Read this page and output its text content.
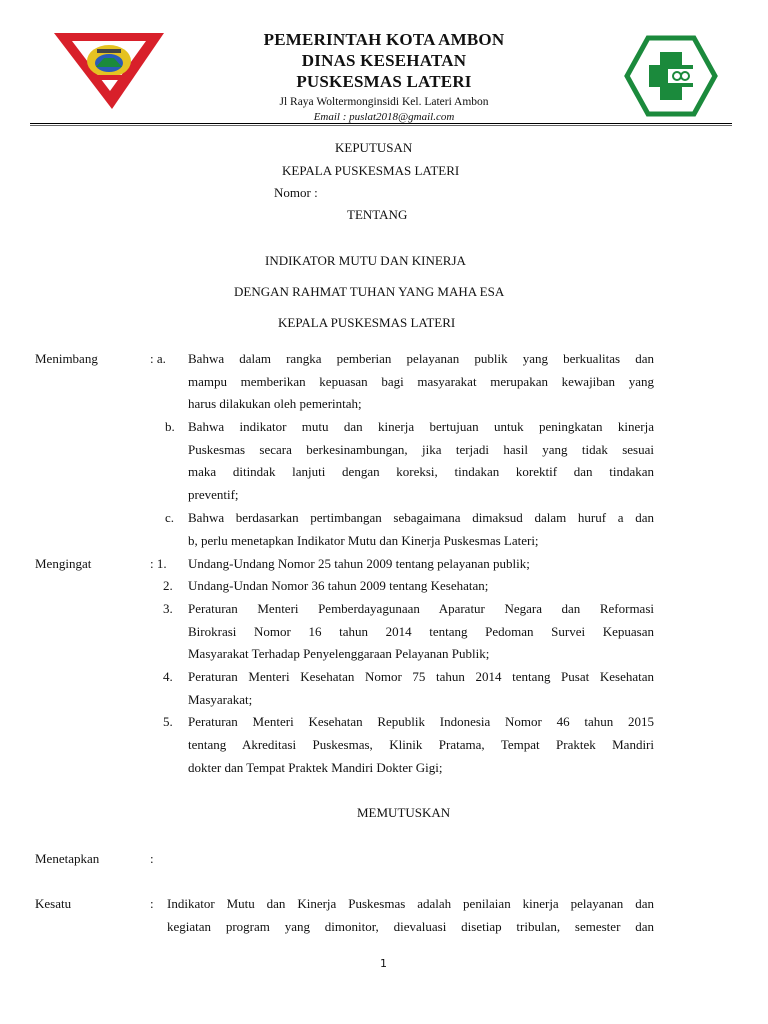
PEMERINTAH KOTA AMBON
DINAS KESEHATAN
PUSKESMAS LATERI
Jl Raya Woltermonginsidi Kel. Lateri Ambon
Email : puslat2018@gmail.com
KEPUTUSAN
KEPALA PUSKESMAS LATERI
Nomor :
TENTANG
INDIKATOR MUTU DAN KINERJA
DENGAN RAHMAT TUHAN YANG MAHA ESA
KEPALA PUSKESMAS LATERI
Menimbang	: a. Bahwa dalam rangka pemberian pelayanan publik yang berkualitas dan
mampu memberikan kepuasan bagi masyarakat merupakan kewajiban yang
harus dilakukan oleh pemerintah;
b. Bahwa indikator mutu dan kinerja bertujuan untuk peningkatan kinerja
Puskesmas secara berkesinambungan, jika terjadi hasil yang tidak sesuai
maka ditindak lanjuti dengan koreksi, tindakan korektif dan tindakan
preventif;
c. Bahwa berdasarkan pertimbangan sebagaimana dimaksud dalam huruf a dan
b, perlu menetapkan Indikator Mutu dan Kinerja Puskesmas Lateri;
Mengingat	: 1. Undang-Undang Nomor 25 tahun 2009 tentang pelayanan publik;
2. Undang-Undan Nomor 36 tahun 2009 tentang Kesehatan;
3. Peraturan Menteri Pemberdayagunaan Aparatur Negara dan Reformasi
Birokrasi Nomor 16 tahun 2014 tentang Pedoman Survei Kepuasan
Masyarakat Terhadap Penyelenggaraan Pelayanan Publik;
4. Peraturan Menteri Kesehatan Nomor 75 tahun 2014 tentang Pusat Kesehatan
Masyarakat;
5. Peraturan Menteri Kesehatan Republik Indonesia Nomor 46 tahun 2015
tentang Akreditasi Puskesmas, Klinik Pratama, Tempat Praktek Mandiri
dokter dan Tempat Praktek Mandiri Dokter Gigi;
MEMUTUSKAN
Menetapkan	:
Kesatu	: Indikator Mutu dan Kinerja Puskesmas adalah penilaian kinerja pelayanan dan
kegiatan program yang dimonitor, dievaluasi disetiap tribulan, semester dan
1
